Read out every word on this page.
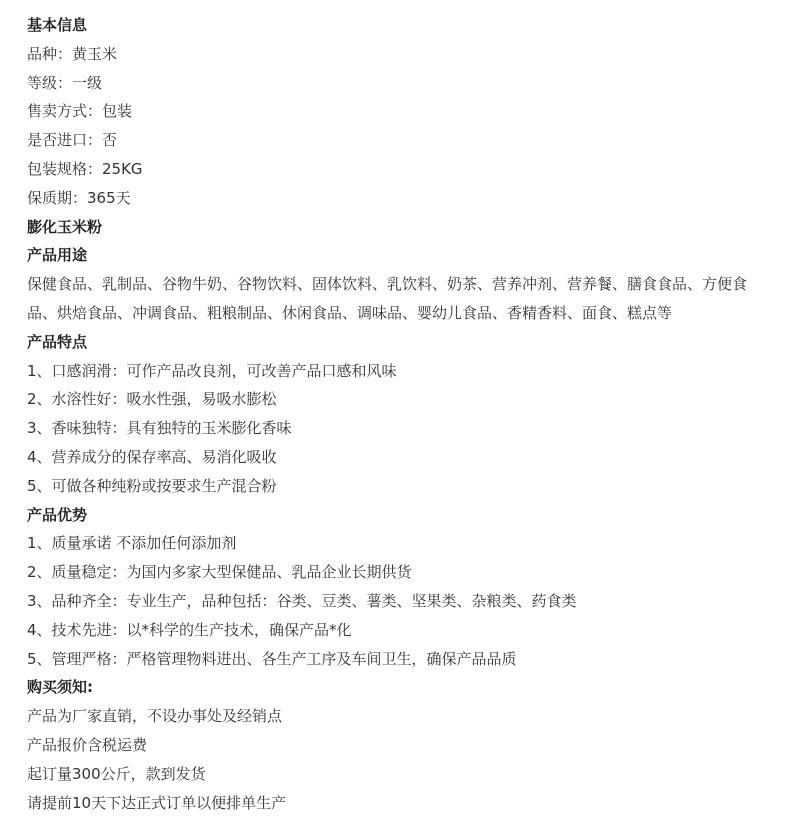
基本信息
品种：黄玉米
等级：一级
售卖方式：包装
是否进口：否
包装规格：25KG
保质期：365天
膨化玉米粉
产品用途
保健食品、乳制品、谷物牛奶、谷物饮料、固体饮料、乳饮料、奶茶、营养冲剂、营养餐、膳食食品、方便食品、烘焙食品、冲调食品、粗粮制品、休闲食品、调味品、婴幼儿食品、香精香料、面食、糕点等
产品特点
1、口感润滑：可作产品改良剂，可改善产品口感和风味
2、水溶性好：吸水性强，易吸水膨松
3、香味独特：具有独特的玉米膨化香味
4、营养成分的保存率高、易消化吸收
5、可做各种纯粉或按要求生产混合粉
产品优势
1、质量承诺 不添加任何添加剂
2、质量稳定：为国内多家大型保健品、乳品企业长期供货
3、品种齐全：专业生产，品种包括：谷类、豆类、薯类、坚果类、杂粮类、药食类
4、技术先进：以*科学的生产技术，确保产品*化
5、管理严格：严格管理物料进出、各生产工序及车间卫生，确保产品品质
购买须知:
产品为厂家直销，不设办事处及经销点
产品报价含税运费
起订量300公斤，款到发货
请提前10天下达正式订单以便排单生产
